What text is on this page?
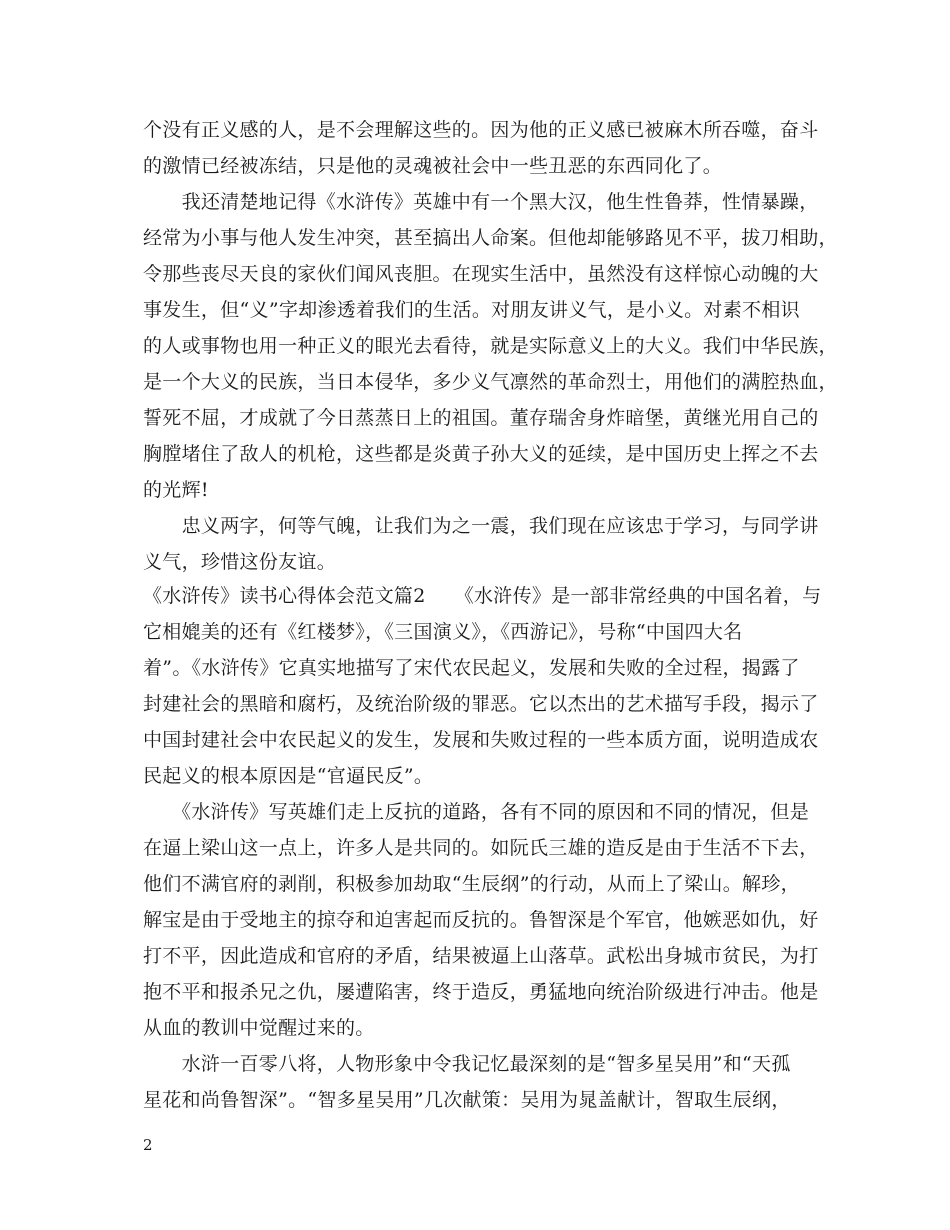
个没有正义感的人，是不会理解这些的。因为他的正义感已被麻木所吞噬，奋斗
的激情已经被冻结，只是他的灵魂被社会中一些丑恶的东西同化了。
　　我还清楚地记得《水浒传》英雄中有一个黑大汉，他生性鲁莽，性情暴躁，
经常为小事与他人发生冲突，甚至搞出人命案。但他却能够路见不平，拔刀相助，
令那些丧尽天良的家伙们闻风丧胆。在现实生活中，虽然没有这样惊心动魄的大
事发生，但“义”字却渗透着我们的生活。对朋友讲义气，是小义。对素不相识
的人或事物也用一种正义的眼光去看待，就是实际意义上的大义。我们中华民族，
是一个大义的民族，当日本侵华，多少义气凛然的革命烈士，用他们的满腔热血，
誓死不屈，才成就了今日蒸蒸日上的祖国。董存瑞舍身炸暗堡，黄继光用自己的
胸膛堵住了敌人的机枪，这些都是炎黄子孙大义的延续，是中国历史上挥之不去
的光辉!
　　忠义两字，何等气魄，让我们为之一震，我们现在应该忠于学习，与同学讲
义气，珍惜这份友谊。
《水浒传》读书心得体会范文篇2　　《水浒传》是一部非常经典的中国名着，与
它相媲美的还有《红楼梦》，《三国演义》，《西游记》，号称“中国四大名
着”。《水浒传》它真实地描写了宋代农民起义，发展和失败的全过程，揭露了
封建社会的黑暗和腐朽，及统治阶级的罪恶。它以杰出的艺术描写手段，揭示了
中国封建社会中农民起义的发生，发展和失败过程的一些本质方面，说明造成农
民起义的根本原因是“官逼民反”。
　　《水浒传》写英雄们走上反抗的道路，各有不同的原因和不同的情况，但是
在逼上梁山这一点上，许多人是共同的。如阮氏三雄的造反是由于生活不下去，
他们不满官府的剥削，积极参加劫取“生辰纲”的行动，从而上了梁山。解珍，
解宝是由于受地主的掠夺和迫害起而反抗的。鲁智深是个军官，他嫉恶如仇，好
打不平，因此造成和官府的矛盾，结果被逼上山落草。武松出身城市贫民，为打
抱不平和报杀兄之仇，屡遭陷害，终于造反，勇猛地向统治阶级进行冲击。他是
从血的教训中觉醒过来的。
　　水浒一百零八将，人物形象中令我记忆最深刻的是“智多星吴用”和“天孤
星花和尚鲁智深”。“智多星吴用”几次献策：吴用为晁盖献计，智取生辰纲，
2
